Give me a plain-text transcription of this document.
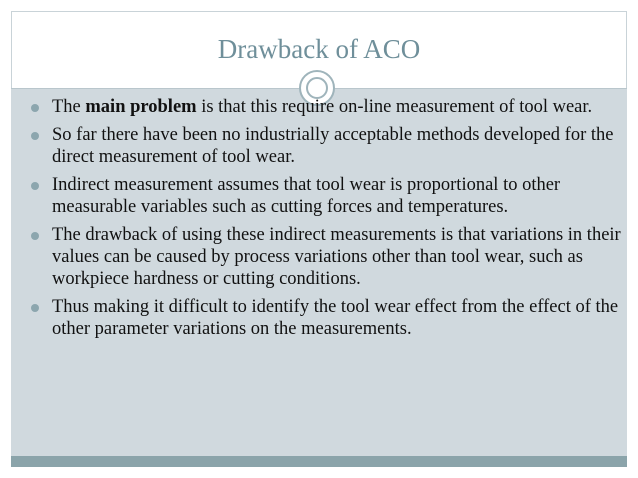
Drawback of ACO
The main problem is that this require on-line measurement of tool wear.
So far there have been no industrially acceptable methods developed for the direct measurement of tool wear.
Indirect measurement assumes that tool wear is proportional to other measurable variables such as cutting forces and temperatures.
The drawback of using these indirect measurements is that variations in their values can be caused by process variations other than tool wear, such as workpiece hardness or cutting conditions.
Thus making it difficult to identify the tool wear effect from the effect of the other parameter variations on the measurements.
